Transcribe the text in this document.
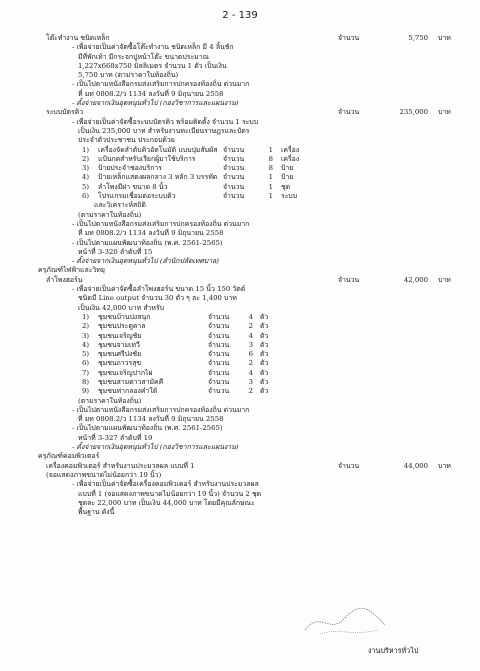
2 - 139
โต๊ะทำงาน ชนิดเหล็ก	จำนวน	5,750 บาท
- เพื่อจ่ายเป็นค่าจัดซื้อโต๊ะทำงาน ชนิดเหล็ก มี 4 ลิ้นชัก
มีที่พักเท้า มีกระจกปูหน้าโต๊ะ ขนาดประมาณ
1,227x668x750 มิลลิเมตร จำนวน 1 ตัว เป็นเงิน
5,750 บาท (ตามราคาในท้องถิ่น)
- เป็นไปตามหนังสือกรมส่งเสริมการปกครองท้องถิ่น ด่วนมาก
ที่ มท 0808.2/ว 1134 ลงวันที่ 9 มิถุนายน 2558
- ตั้งจ่ายจากเงินอุดหนุนทั่วไป (กองวิชาการและแผนงาน)
ระบบบัตรคิว	จำนวน	235,000 บาท
- เพื่อจ่ายเป็นค่าจัดซื้อระบบบัตรคิว พร้อมติดตั้ง จำนวน 1 ระบบ
เป็นเงิน 235,000 บาท สำหรับงานทะเบียนราษฎรและบัตร
ประจำตัวประชาชน ประกอบด้วย
1) เครื่องจัดลำดับคิวอัตโนมัติ แบบปุ่มสัมผัส จำนวน	1 เครื่อง
2) แป้นกดสำหรับเรียกผู้มาใช้บริการ	จำนวน	8 เครื่อง
3) ป้ายประจำช่องบริการ	จำนวน	8 ป้าย
4) ป้ายเหล็กแสดงผลกลาง 3 หลัก 3 บรรทัด จำนวน	1 ป้าย
5) ลำโพงมีฝา ขนาด 8 นิ้ว	จำนวน	1 ชุด
6) โปรแกรมเชื่อมต่อระบบคิว	จำนวน	1 ระบบ
และวิเคราะห์สถิติ
(ตามราคาในท้องถิ่น)
- เป็นไปตามหนังสือกรมส่งเสริมการปกครองท้องถิ่น ด่วนมาก
ที่ มท 0808.2/ว 1134 ลงวันที่ 9 มิถุนายน 2558
- เป็นไปตามแผนพัฒนาท้องถิ่น (พ.ศ. 2561-2565)
หน้าที่ 3-320 ลำดับที่ 15
- ตั้งจ่ายจากเงินอุดหนุนทั่วไป (สำนักปลัดเทศบาล)
ครุภัณฑ์ไฟฟ้าและวิทยุ
ลำโพงฮอร์น	จำนวน	42,000 บาท
- เพื่อจ่ายเป็นค่าจัดซื้อลำโพงฮอร์น ขนาด 15 นิ้ว 150 วัตต์
ชนิดมี Line output จำนวน 30 ตัว ๆ ละ 1,400 บาท
เป็นเงิน 42,000 บาท สำหรับ
1) ชุมชนบ้านปงสนุก	จำนวน	4 ตัว
2) ชุมชนประตูตาล	จำนวน	2 ตัว
3) ชุมชนเจริญชัย	จำนวน	4 ตัว
4) ชุมชนจามเทวี	จำนวน	3 ตัว
5) ชุมชนศรีปงชัย	จำนวน	6 ตัว
6) ชุมชนถาวรสุข	จำนวน	2 ตัว
7) ชุมชนเจริญปากไผ่	จำนวน	4 ตัว
8) ชุมชนสามดาวสามัคคี	จำนวน	3 ตัว
9) ชุมชนท่ากลองคำใต้	จำนวน	2 ตัว
(ตามราคาในท้องถิ่น)
- เป็นไปตามหนังสือกรมส่งเสริมการปกครองท้องถิ่น ด่วนมาก
ที่ มท 0808.2/ว 1134 ลงวันที่ 9 มิถุนายน 2558
- เป็นไปตามแผนพัฒนาท้องถิ่น (พ.ศ. 2561-2565)
หน้าที่ 3-327 ลำดับที่ 19
- ตั้งจ่ายจากเงินอุดหนุนทั่วไป (กองวิชาการและแผนงาน)
ครุภัณฑ์คอมพิวเตอร์
เครื่องคอมพิวเตอร์ สำหรับงานประมวลผล แบบที่ 1	จำนวน	44,000 บาท
(จอแสดงภาพขนาดไม่น้อยกว่า 19 นิ้ว)
- เพื่อจ่ายเป็นค่าจัดซื้อเครื่องคอมพิวเตอร์ สำหรับงานประมวลผล
แบบที่ 1 (จอแสดงภาพขนาดไม่น้อยกว่า 19 นิ้ว) จำนวน 2 ชุด
ชุดละ 22,000 บาท เป็นเงิน 44,000 บาท โดยมีคุณลักษณะ
พื้นฐาน ดังนี้
งานบริหารทั่วไป
